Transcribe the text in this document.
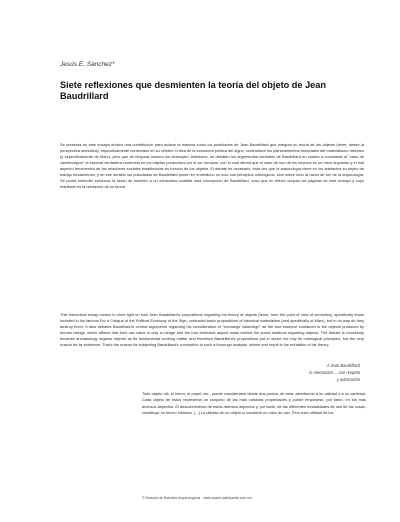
Jesús E. Sánchez*
Siete reflexiones que desmienten la teoría del objeto de Jean Baudrillard
Se presenta en este ensayo teórico una contribución para aclarar la manera como los postulados de Jean Baudrillard que integran su teoría de los objetos (tener, desde la perspectiva semiótica), específicamente contenidos en su célebre Crítica de la economía política del signo, contradicen los planteamientos esenciales del materialismo histórico (y específicamente de Marx), pero que de ninguna manera los destruyen. Asimismo, se debaten los argumentos centrales de Baudrillard en cuanto a considerar al "valor de cambio/signo" la esencia verdadera contenida en los objetos producidos por el ser humano, con lo cual afirma que el valor de uso de los mismos es un mero supuesto y el mal aspecto fenoménico de las relaciones sociales establecidas en función de los objetos. El debate es necesario, toda vez que la arqueología viene en los artefactos su objeto de trabajo fundamental, y en ese sentido los postulados de Baudrillard ponen en entredicho no solo sus principios ontológicos, sino sobre todo la razón de ser de la arqueología. Se podrá entender entonces la razón de someter a un exhaustivo análisis esta concepción de Baudrillard, cosa que en efecto ocupan las páginas de este ensayo y cuyo resultado es la refutación de su teoría.
This theoretical essay means to shed light on how Jean Baudrillard's propositions regarding his theory of objects (tener, from the point of view of semiotics), specifically those included in his famous For a Critique of the Political Economy of the Sign, contradict basic propositions of historical materialism (and specifically of Marx), but in no way do they destroy them. It also debates Baudrillard's central arguments regarding his consideration of "exchange value/sign" as the true essence contained in the objects produced by human beings, which affirms that their use value is only a mirage and the true fetishistic aspect mask behind the social relations regarding objects. The debate is necessary because archaeology regards objects as its fundamental working matter and therefore Baudrillard's propositions put in doubt not only its ontological principles, but the very reason for its existence. That's the reason for subjecting Baudrillard's conception to such a thorough analysis, whose end result is the refutation of his theory.
A Jean Baudrillard
in memoriam ... con respeto
y admiración
Todo objeto útil, el hierro, el papel, etc., puede considerarse desde dos puntos de vista: atendiendo a su calidad o a su cantidad. Cada objeto de éstos representa un conjunto de las más variadas propiedades y puede emplearse, por tanto, en los más diversos aspectos. El descubrimiento de estos diversos aspectos y, por tanto, de las diferentes modalidades de uso de las cosas, constituye un hecho histórico. [...] La utilidad de un objeto lo convierte en valor de uso. Pero esta utilidad de los
© Escuela de Estudios Arqueológicos · www.cuarto-sabhyante.com.mx
